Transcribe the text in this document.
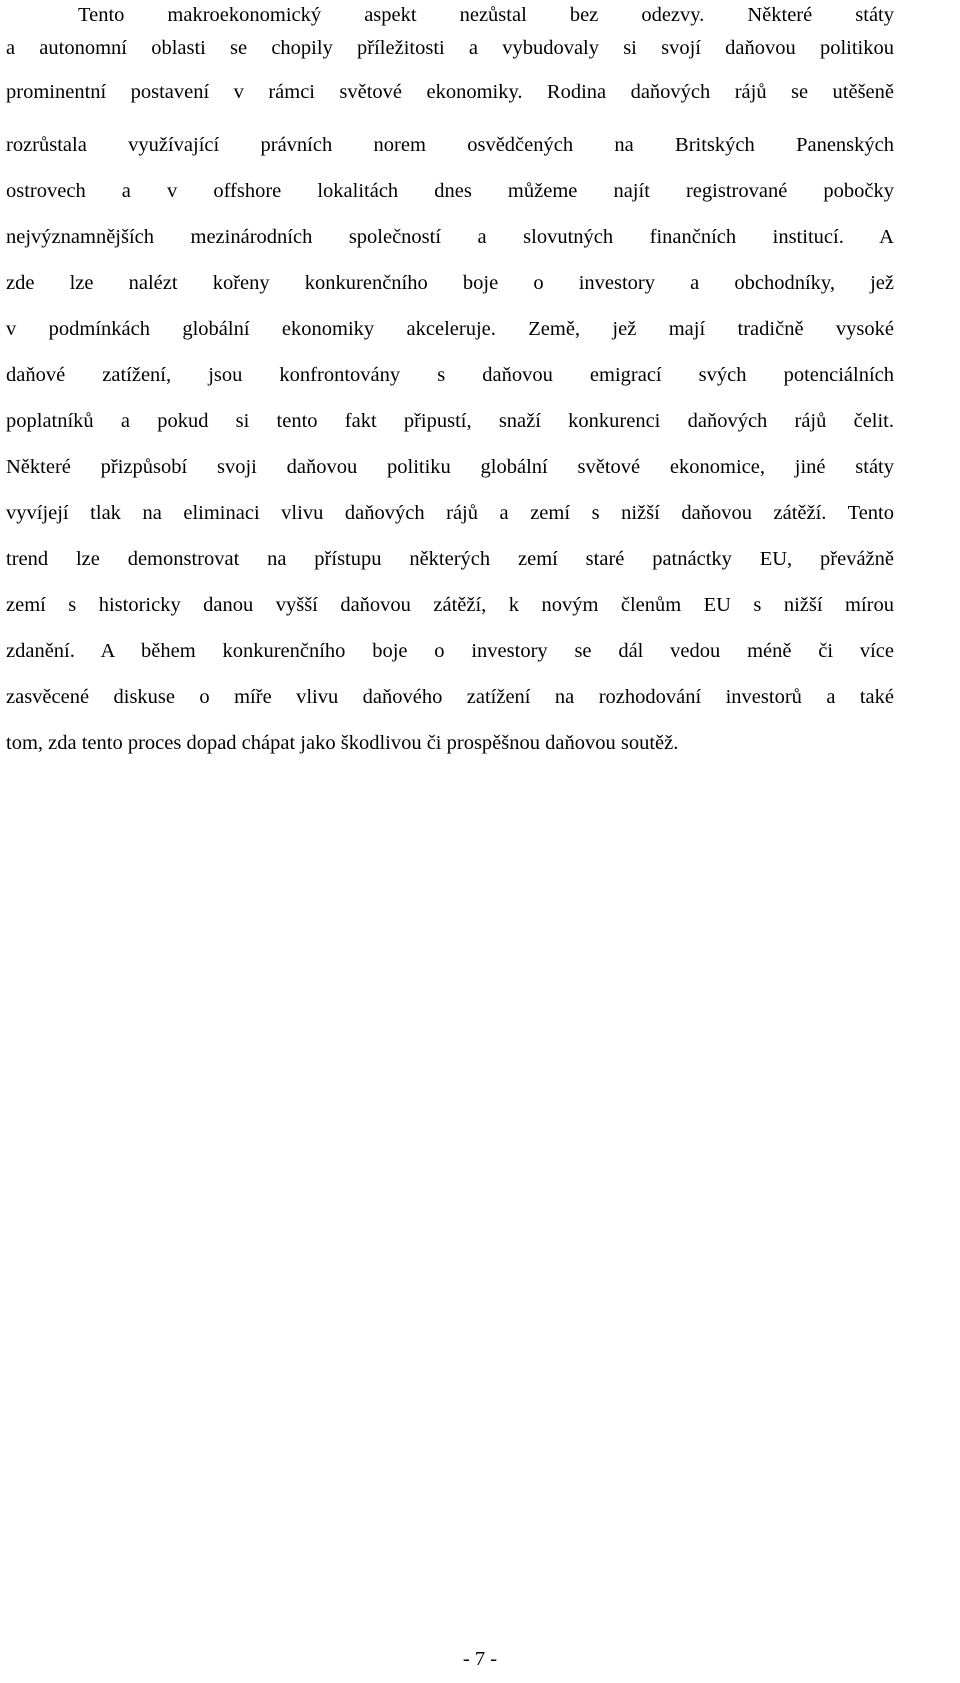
Tento makroekonomický aspekt nezůstal bez odezvy. Některé státy
a autonomní oblasti se chopily příležitosti a vybudovaly si svojí daňovou politikou
prominentní postavení v rámci světové ekonomiky. Rodina daňových rájů se utěšeně
rozrůstala využívající právních norem osvědčených na Britských Panenských
ostrovech a v offshore lokalitách dnes můžeme najít registrované pobočky
nejvýznamnějších mezinárodních společností a slovutných finančních institucí. A
zde lze nalézt kořeny konkurenčního boje o investory a obchodníky, jež
v podmínkách globální ekonomiky akceleruje. Země, jež mají tradičně vysoké
daňové zatížení, jsou konfrontovány s daňovou emigrací svých potenciálních
poplatníků a pokud si tento fakt připustí, snaží konkurenci daňových rájů čelit.
Některé přizpůsobí svoji daňovou politiku globální světové ekonomice, jiné státy
vyvíjejí tlak na eliminaci vlivu daňových rájů a zemí s nižší daňovou zátěží. Tento
trend lze demonstrovat na přístupu některých zemí staré patnáctky EU, převážně
zemí s historicky danou vyšší daňovou zátěží, k novým členům EU s nižší mírou
zdanění. A během konkurenčního boje o investory se dál vedou méně či více
zasvěcené diskuse o míře vlivu daňového zatížení na rozhodování investorů a také
tom, zda tento proces dopad chápat jako škodlivou či prospěšnou daňovou soutěž.
- 7 -
